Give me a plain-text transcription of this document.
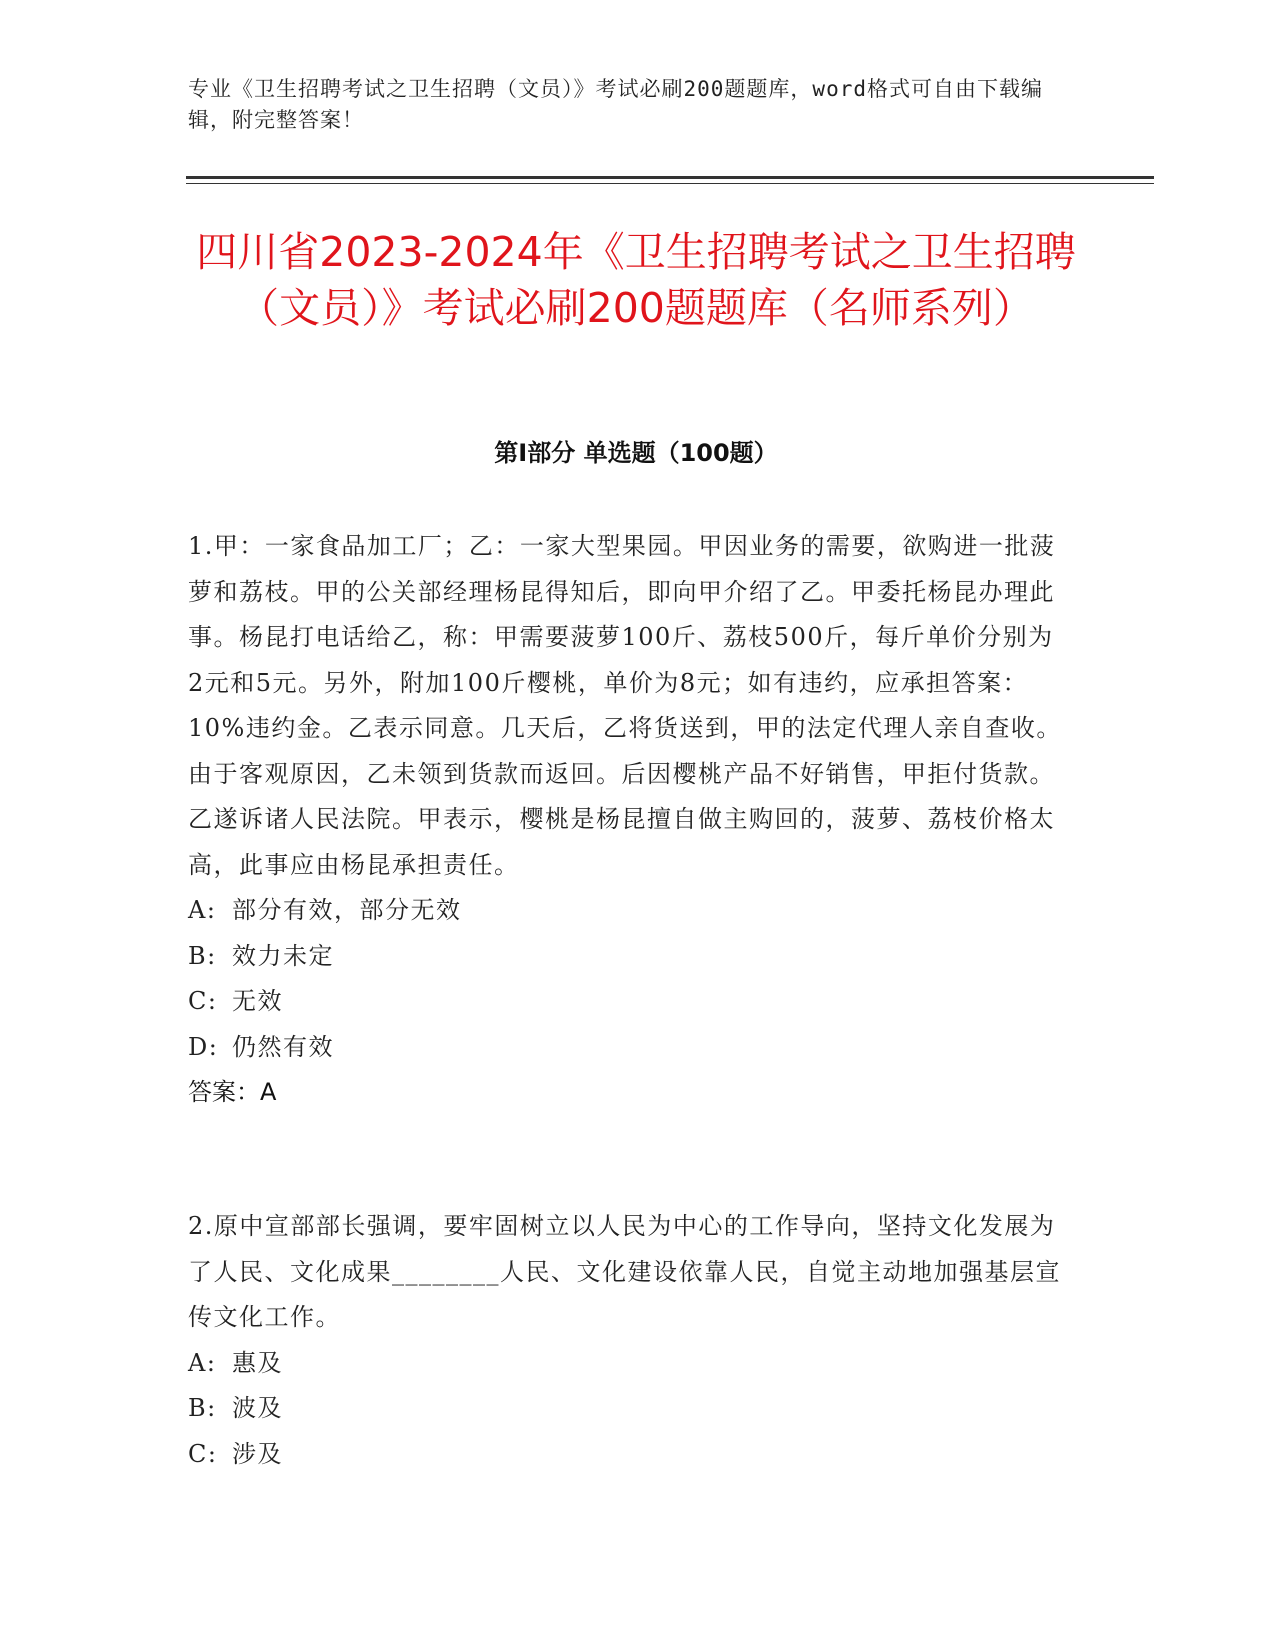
专业《卫生招聘考试之卫生招聘（文员）》考试必刷200题题库，word格式可自由下载编辑，附完整答案！
四川省2023-2024年《卫生招聘考试之卫生招聘（文员）》考试必刷200题题库（名师系列）
第I部分 单选题（100题）

1.甲：一家食品加工厂；乙：一家大型果园。甲因业务的需要，欲购进一批菠萝和荔枝。甲的公关部经理杨昆得知后，即向甲介绍了乙。甲委托杨昆办理此事。杨昆打电话给乙，称：甲需要菠萝100斤、荔枝500斤，每斤单价分别为2元和5元。另外，附加100斤樱桃，单价为8元；如有违约，应承担答案：10%违约金。乙表示同意。几天后，乙将货送到，甲的法定代理人亲自查收。由于客观原因，乙未领到货款而返回。后因樱桃产品不好销售，甲拒付货款。乙遂诉诸人民法院。甲表示，樱桃是杨昆擅自做主购回的，菠萝、荔枝价格太高，此事应由杨昆承担责任。

A: 部分有效，部分无效

B: 效力未定

C: 无效

D: 仍然有效

答案：A

2.原中宣部部长强调，要牢固树立以人民为中心的工作导向，坚持文化发展为了人民、文化成果________人民、文化建设依靠人民，自觉主动地加强基层宣传文化工作。

A: 惠及

B: 波及

C: 涉及
